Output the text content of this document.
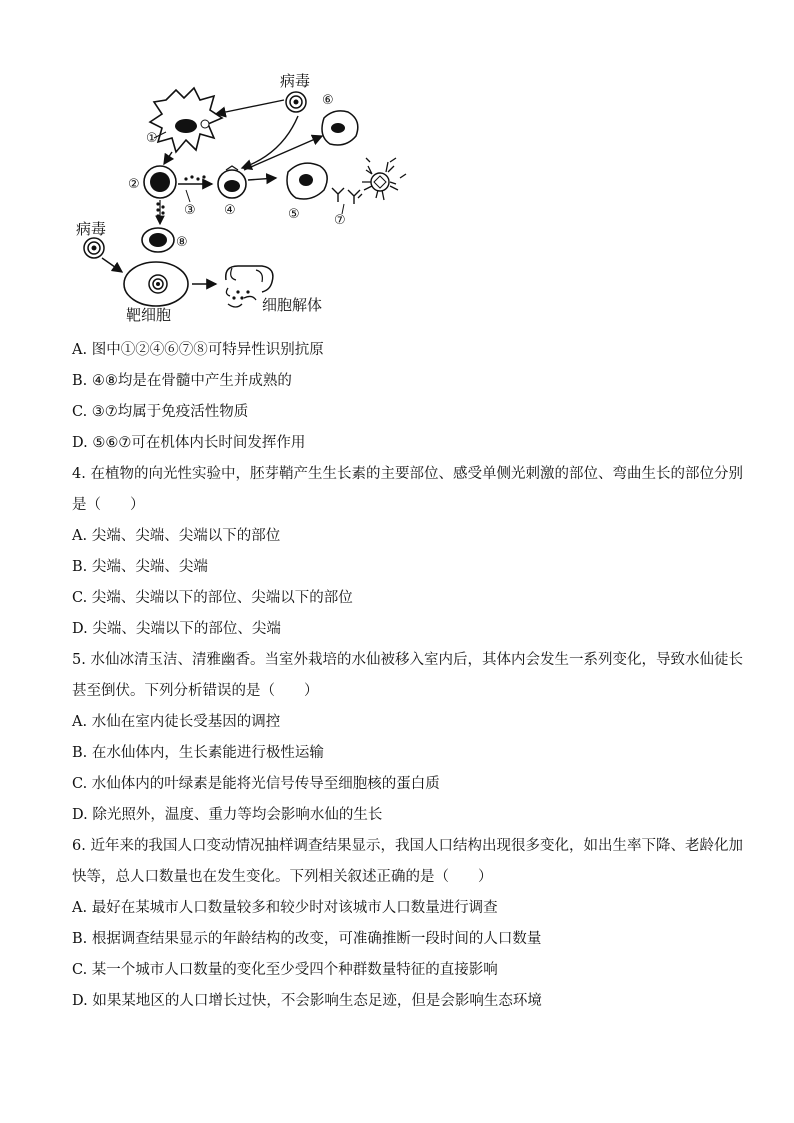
①
病毒
⑥
②
③ ④	⑤	⑦
⑧
病毒
靶细胞
细胞解体
A. 图中①②④⑥⑦⑧可特异性识别抗原
B. ④⑧均是在骨髓中产生并成熟的
C. ③⑦均属于免疫活性物质
D. ⑤⑥⑦可在机体内长时间发挥作用
4. 在植物的向光性实验中，胚芽鞘产生生长素的主要部位、感受单侧光刺激的部位、弯曲生长的部位分别
是（　　）
A. 尖端、尖端、尖端以下的部位
B. 尖端、尖端、尖端
C. 尖端、尖端以下的部位、尖端以下的部位
D. 尖端、尖端以下的部位、尖端
5. 水仙冰清玉洁、清雅幽香。当室外栽培的水仙被移入室内后，其体内会发生一系列变化，导致水仙徒长
甚至倒伏。下列分析错误的是（　　）
A. 水仙在室内徒长受基因的调控
B. 在水仙体内，生长素能进行极性运输
C. 水仙体内的叶绿素是能将光信号传导至细胞核的蛋白质
D. 除光照外，温度、重力等均会影响水仙的生长
6. 近年来的我国人口变动情况抽样调查结果显示，我国人口结构出现很多变化，如出生率下降、老龄化加
快等，总人口数量也在发生变化。下列相关叙述正确的是（　　）
A. 最好在某城市人口数量较多和较少时对该城市人口数量进行调查
B. 根据调查结果显示的年龄结构的改变，可准确推断一段时间的人口数量
C. 某一个城市人口数量的变化至少受四个种群数量特征的直接影响
D. 如果某地区的人口增长过快，不会影响生态足迹，但是会影响生态环境
